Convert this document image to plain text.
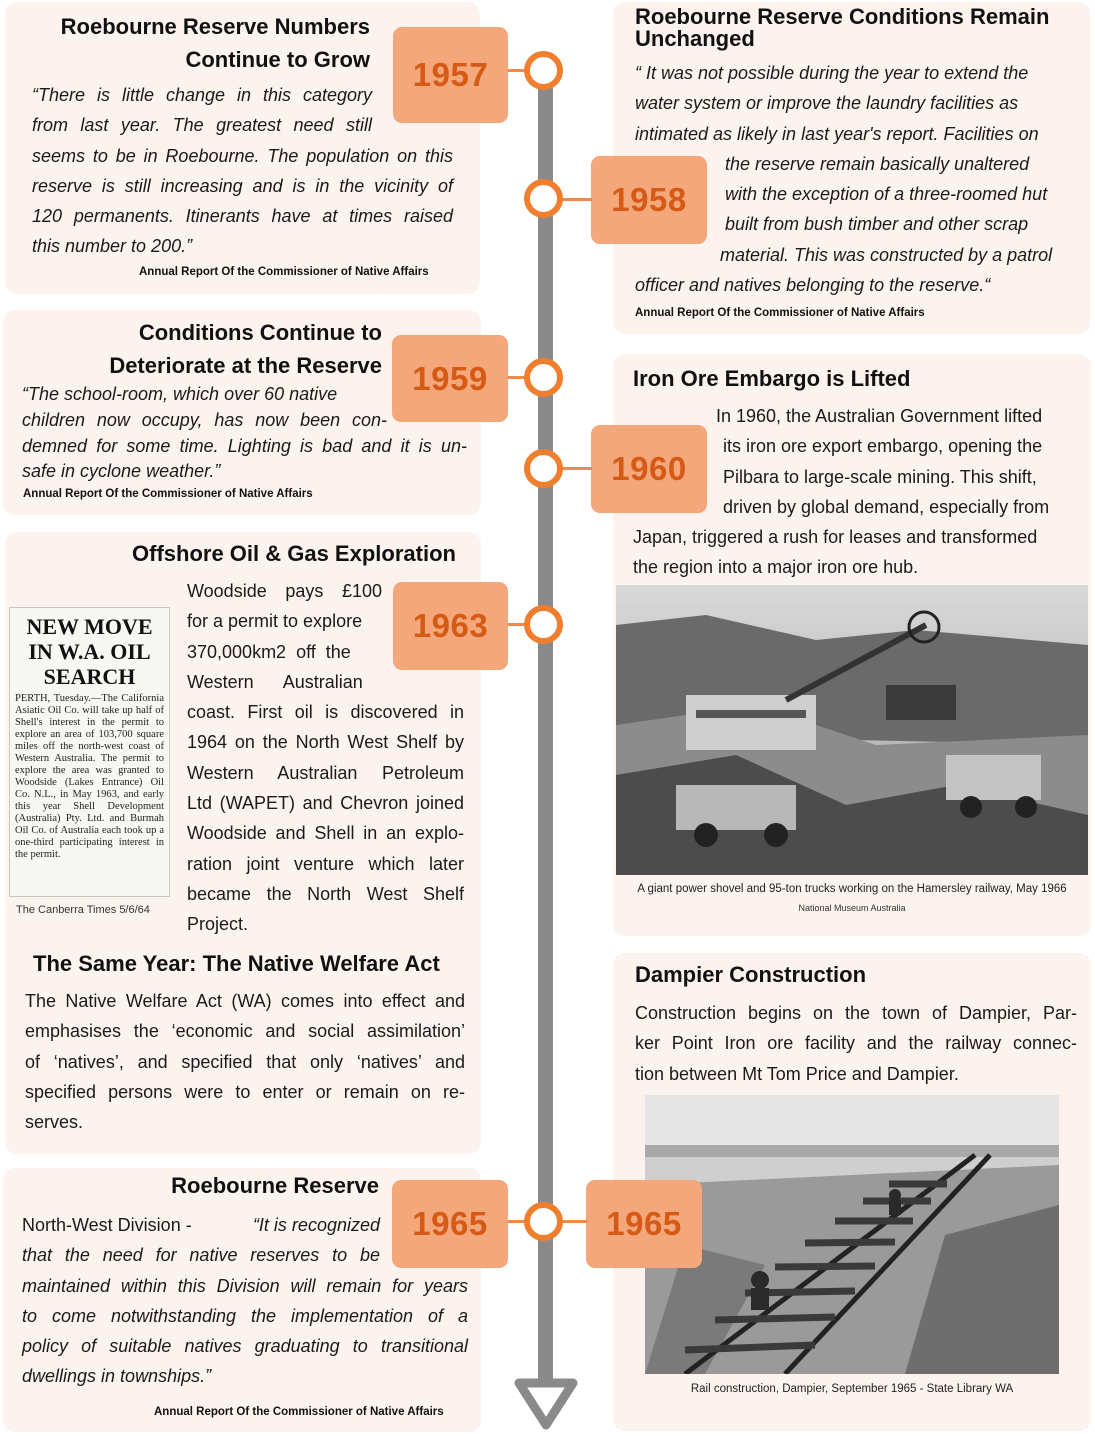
Roebourne Reserve Numbers
Continue to Grow
“There is little change in this category
from last year. The greatest need still
seems to be in Roebourne. The population on this
reserve is still increasing and is in the vicinity of
120 permanents. Itinerants have at times raised
this number to 200.”
Annual Report Of the Commissioner of Native Affairs
1957
Roebourne Reserve Conditions Remain
Unchanged
“ It was not possible during the year to extend the
water system or improve the laundry facilities as
intimated as likely in last year's report. Facilities on
the reserve remain basically unaltered
with the exception of a three-roomed hut
built from bush timber and other scrap
material. This was constructed by a patrol
officer and natives belonging to the reserve.“
Annual Report Of the Commissioner of Native Affairs
1958
Conditions Continue to
Deteriorate at the Reserve
“The school-room, which over 60 native
children now occupy, has now been con-
demned for some time. Lighting is bad and it is un-
safe in cyclone weather.”
Annual Report Of the Commissioner of Native Affairs
1959	Iron Ore Embargo is Lifted
In 1960, the Australian Government lifted
its iron ore export embargo, opening the
Pilbara to large-scale mining. This shift,
driven by global demand, especially from
Japan, triggered a rush for leases and transformed
the region into a major iron ore hub.
A giant power shovel and 95-ton trucks working on the Hamersley railway, May 1966
National Museum Australia
1960
Offshore Oil & Gas Exploration
NEW MOVE
IN W.A. OIL
SEARCH

PERTH, Tuesday.—The California Asiatic Oil Co. will take up half of Shell's interest in the permit to explore an area of 103,700 square miles off the north-west coast of Western Australia. The permit to explore the area was granted to Woodside (Lakes Entrance) Oil Co. N.L., in May 1963, and early this year Shell Development (Australia) Pty. Ltd. and Burmah Oil Co. of Australia each took up a one-third participating interest in the permit.

The Canberra Times 5/6/64
Woodside pays £100
for a permit to explore
370,000km2  off  the
Western      Australian
coast. First oil is discovered in
1964 on the North West Shelf by
Western Australian Petroleum
Ltd (WAPET) and Chevron joined
Woodside and Shell in an explo-
ration joint venture which later
became the North West Shelf
Project.
The Same Year: The Native Welfare Act
The Native Welfare Act (WA) comes into effect and
emphasises the ‘economic and social assimilation’
of ‘natives’, and specified that only ‘natives’ and
specified persons were to enter or remain on re-
serves.
1963
Roebourne Reserve
North-West Division -	“It is recognized
that the need for native reserves to be
maintained within this Division will remain for years
to come notwithstanding the implementation of a
policy of suitable natives graduating to transitional
dwellings in townships.”
Annual Report Of the Commissioner of Native Affairs
1965
Dampier Construction
Construction begins on the town of Dampier, Par-
ker Point Iron ore facility and the railway connec-
tion between Mt Tom Price and Dampier.
Rail construction, Dampier, September 1965 - State Library WA
1965
